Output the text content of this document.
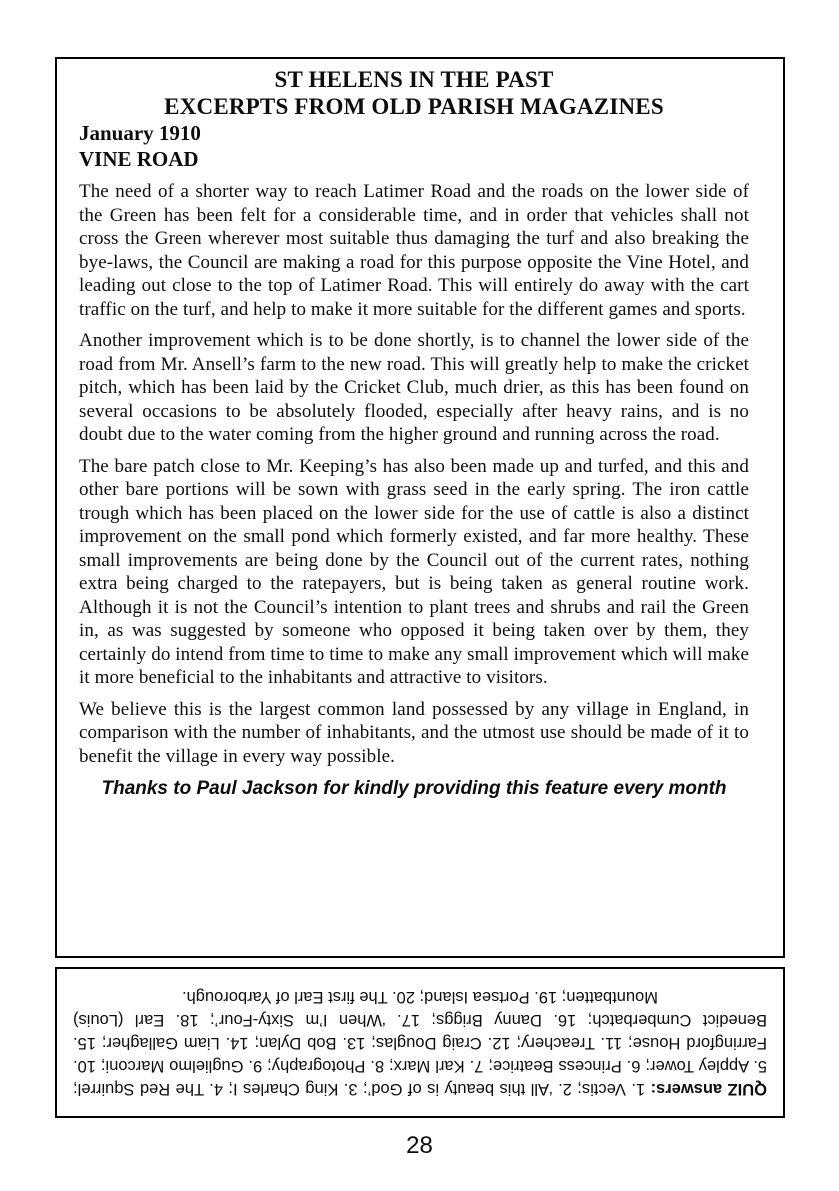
ST HELENS IN THE PAST
EXCERPTS FROM OLD PARISH MAGAZINES
January 1910
VINE ROAD

The need of a shorter way to reach Latimer Road and the roads on the lower side of the Green has been felt for a considerable time, and in order that vehicles shall not cross the Green wherever most suitable thus damaging the turf and also breaking the bye-laws, the Council are making a road for this purpose opposite the Vine Hotel, and leading out close to the top of Latimer Road. This will entirely do away with the cart traffic on the turf, and help to make it more suitable for the different games and sports.

Another improvement which is to be done shortly, is to channel the lower side of the road from Mr. Ansell’s farm to the new road. This will greatly help to make the cricket pitch, which has been laid by the Cricket Club, much drier, as this has been found on several occasions to be absolutely flooded, especially after heavy rains, and is no doubt due to the water coming from the higher ground and running across the road.

The bare patch close to Mr. Keeping’s has also been made up and turfed, and this and other bare portions will be sown with grass seed in the early spring. The iron cattle trough which has been placed on the lower side for the use of cattle is also a distinct improvement on the small pond which formerly existed, and far more healthy. These small improvements are being done by the Council out of the current rates, nothing extra being charged to the ratepayers, but is being taken as general routine work. Although it is not the Council’s intention to plant trees and shrubs and rail the Green in, as was suggested by someone who opposed it being taken over by them, they certainly do intend from time to time to make any small improvement which will make it more beneficial to the inhabitants and attractive to visitors.

We believe this is the largest common land possessed by any village in England, in comparison with the number of inhabitants, and the utmost use should be made of it to benefit the village in every way possible.

Thanks to Paul Jackson for kindly providing this feature every month
QUIZ answers: 1. Vectis; 2. ‘All this beauty is of God’; 3. King Charles I; 4. The Red Squirrel; 5. Appley Tower; 6. Princess Beatrice; 7. Karl Marx; 8. Photography; 9. Guglielmo Marconi; 10. Farringford House; 11. Treachery; 12. Craig Douglas; 13. Bob Dylan; 14. Liam Gallagher; 15. Benedict Cumberbatch; 16. Danny Briggs; 17. ‘When I’m Sixty-Four’; 18. Earl (Louis) Mountbatten; 19. Portsea Island; 20. The first Earl of Yarborough.
28
